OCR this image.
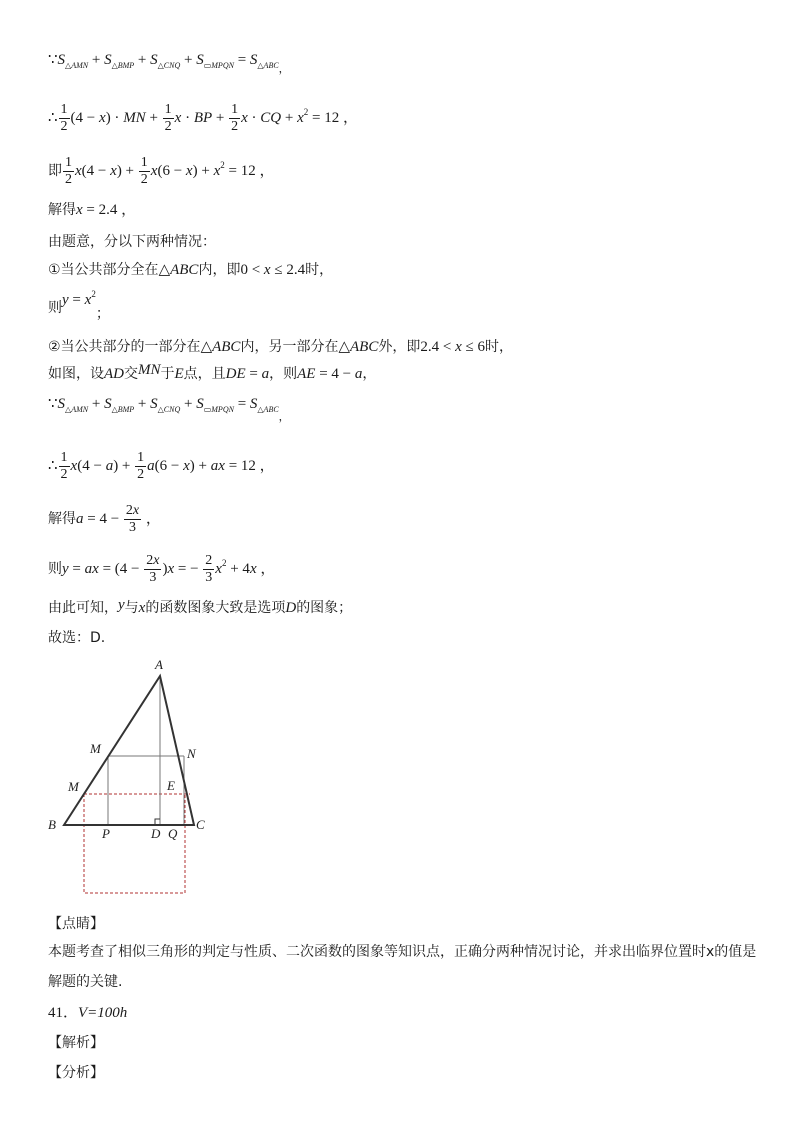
$\because S_{\triangle AMN} + S_{\triangle BMP} + S_{\triangle CNQ} + S_{▭MPQN} = S_{\triangle ABC,}$
∴ $\frac{1}{2} (4 - x)$ · MN + $\frac{1}{2}$ x · BP + $\frac{1}{2}$ x · CQ + $x^2 = 12$ ，
即 $\frac{1}{2} x(4 - x) + \frac{1}{2} x(6 - x) + x^2 = 12$ ，
解得x = 2.4 ，
由题意，分以下两种情况：
①当公共部分全在△ABC内，即0 < x ≤ 2.4时，
则$y = x^2$；
②当公共部分的一部分在△ABC内，另一部分在△ABC外，即2.4 < x ≤ 6时，
如图，设AD交MN于E点，且DE = a，则AE = 4 − a，
$\because S_{\triangle AMN} + S_{\triangle BMP} + S_{\triangle CNQ} + S_{▭MPQN} = S_{\triangle ABC,}$
∴ $\frac{1}{2} x(4 - a) + \frac{1}{2} a(6 - x)$ + ax = 12 ，
解得$a = 4 - \frac{2x}{3}$ ，
则y = ax = $(4 - \frac{2x}{3} )x$ = − $\frac{2}{3} x^2 + 4x$ ，
由此可知，y与x的函数图象大致是选项D的图象；
故选：D.
A
M	N
M	E
B
P	D Q
C
【点睛】
本题考查了相似三角形的判定与性质、二次函数的图象等知识点，正确分两种情况讨论，并求出临界位置时x的值是解题的关键.
41．V=100h
【解析】
【分析】
